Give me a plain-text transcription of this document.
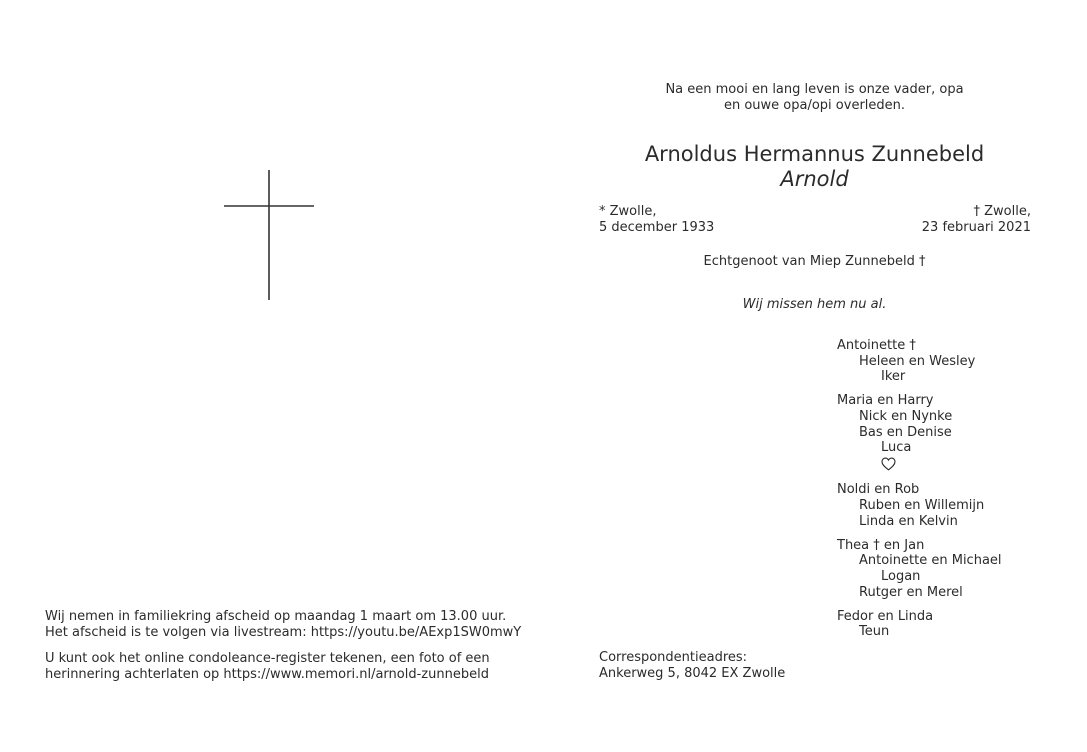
Na een mooi en lang leven is onze vader, opa
en ouwe opa/opi overleden.
Arnoldus Hermannus Zunnebeld
Arnold
* Zwolle,
5 december 1933
† Zwolle,
23 februari 2021
Echtgenoot van Miep Zunnebeld †
Wij missen hem nu al.
Antoinette †
Heleen en Wesley
Iker
Maria en Harry
Nick en Nynke
Bas en Denise
Luca
Noldi en Rob
Ruben en Willemijn
Linda en Kelvin
Thea † en Jan
Antoinette en Michael
Logan
Rutger en Merel
Fedor en Linda
Teun
Correspondentieadres:
Ankerweg 5, 8042 EX Zwolle
Wij nemen in familiekring afscheid op maandag 1 maart om 13.00 uur.
Het afscheid is te volgen via livestream: https://youtu.be/AExp1SW0mwY
U kunt ook het online condoleance-register tekenen, een foto of een
herinnering achterlaten op https://www.memori.nl/arnold-zunnebeld
